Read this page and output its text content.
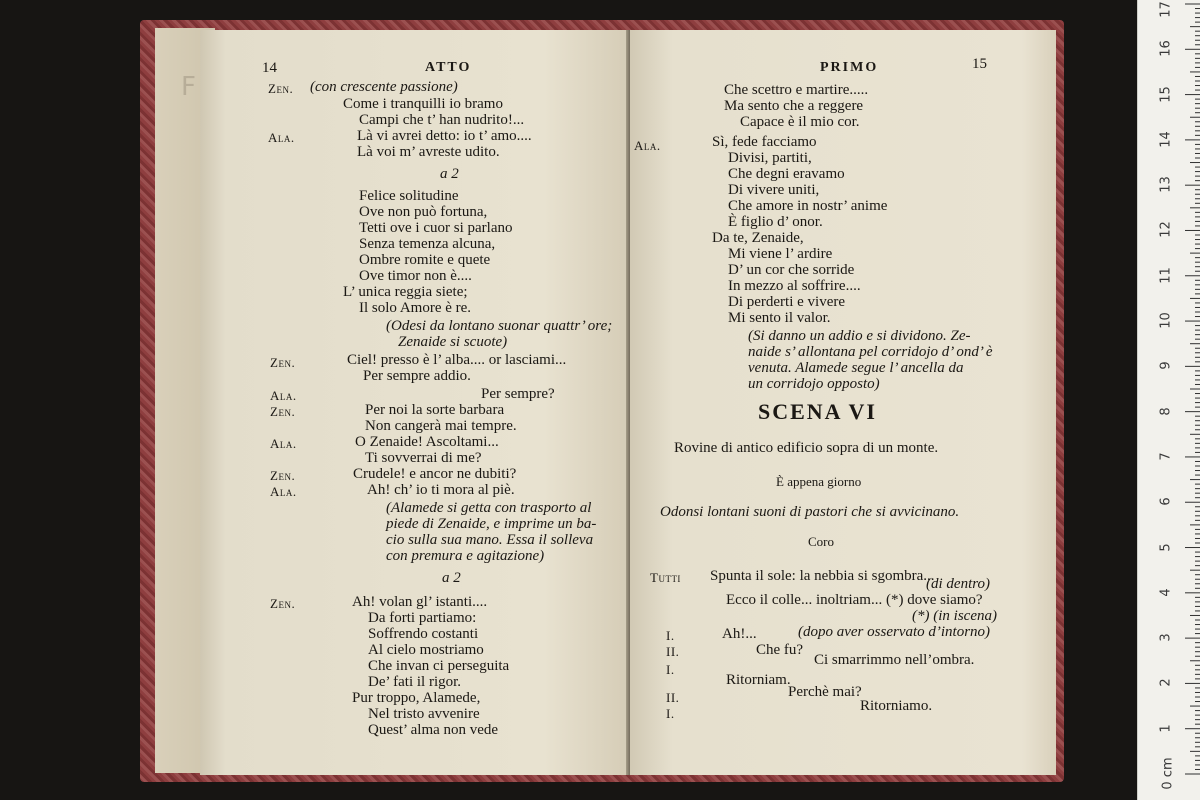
F
14	ATTO
Zen. (con crescente passione)
Come i tranquilli io bramo
Campi che t’ han nudrito!...
Ala.	Là vi avrei detto: io t’ amo....
Là voi m’ avreste udito.
a 2
Felice solitudine
Ove non può fortuna,
Tetti ove i cuor si parlano
Senza temenza alcuna,
Ombre romite e quete
Ove timor non è....
L’ unica reggia siete;
Il solo Amore è re.
(Odesi da lontano suonar quattr’ ore;
Zenaide si scuote)
Zen.	Ciel! presso è l’ alba.... or lasciami...
Per sempre addio.
Ala.	Per sempre?
Zen.	Per noi la sorte barbara
Non cangerà mai tempre.
Ala.	O Zenaide! Ascoltami...
Ti sovverrai di me?
Zen.	Crudele! e ancor ne dubiti?
Ala.	Ah! ch’ io ti mora al piè.
(Alamede si getta con trasporto al
piede di Zenaide, e imprime un ba-
cio sulla sua mano. Essa il solleva
con premura e agitazione)
a 2
Zen.	Ah! volan gl’ istanti....
Da forti partiamo:
Soffrendo costanti
Al cielo mostriamo
Che invan ci perseguita
De’ fati il rigor.
Pur troppo, Alamede,
Nel tristo avvenire
Quest’ alma non vede
PRIMO	15
Che scettro e martire.....
Ma sento che a reggere
Capace è il mio cor.
Ala.	Sì, fede facciamo
Divisi, partiti,
Che degni eravamo
Di vivere uniti,
Che amore in nostr’ anime
È figlio d’ onor.
Da te, Zenaide,
Mi viene l’ ardire
D’ un cor che sorride
In mezzo al soffrire....
Di perderti e vivere
Mi sento il valor.
(Si danno un addio e si dividono. Ze-
naide s’ allontana pel corridojo d’ ond’ è
venuta. Alamede segue l’ ancella da
un corridojo opposto)
SCENA VI
Rovine di antico edificio sopra di un monte.
È appena giorno
Odonsi lontani suoni di pastori che si avvicinano.
Coro
Tutti Spunta il sole: la nebbia si sgombra...
(di dentro)
Ecco il colle... inoltriam... (*) dove siamo?
(*) (in iscena)
I.	Ah!...	(dopo aver osservato d’intorno)
II.	Che fu?
I.
Ci smarrimmo nell’ombra.
Ritorniam.
II.	Perchè mai?
I.	Ritorniamo.
17
16
15
14
13
12
11
10
9
8
7
6
5
4
3
2
1
0 cm
